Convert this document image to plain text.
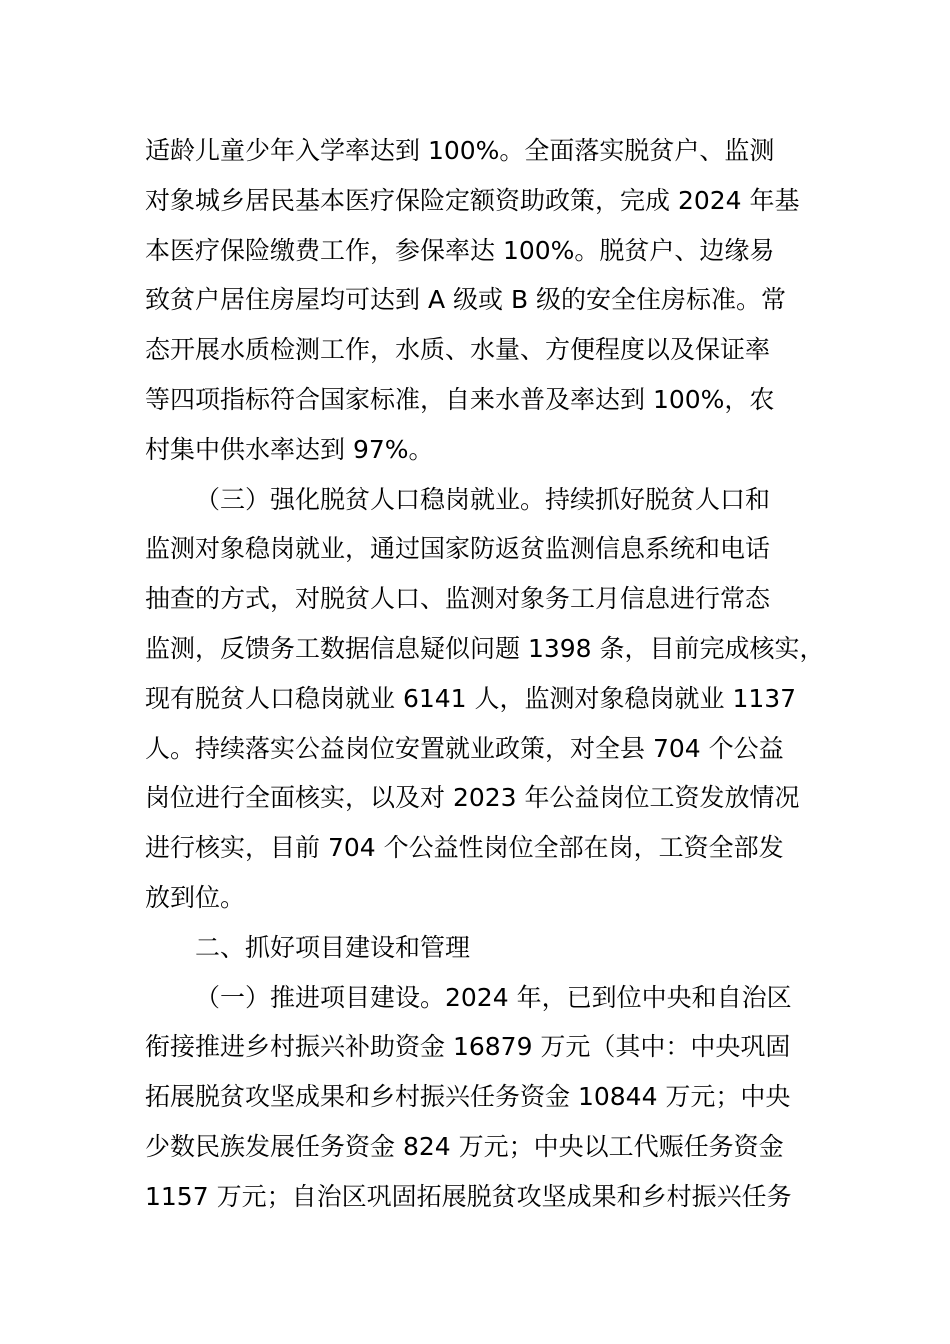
适龄儿童少年入学率达到 100%。全面落实脱贫户、监测
对象城乡居民基本医疗保险定额资助政策，完成 2024 年基
本医疗保险缴费工作，参保率达 100%。脱贫户、边缘易
致贫户居住房屋均可达到 A 级或 B 级的安全住房标准。常
态开展水质检测工作，水质、水量、方便程度以及保证率
等四项指标符合国家标准，自来水普及率达到 100%，农
村集中供水率达到 97%。
（三）强化脱贫人口稳岗就业。持续抓好脱贫人口和
监测对象稳岗就业，通过国家防返贫监测信息系统和电话
抽查的方式，对脱贫人口、监测对象务工月信息进行常态
监测，反馈务工数据信息疑似问题 1398 条，目前完成核实，
现有脱贫人口稳岗就业 6141 人，监测对象稳岗就业 1137
人。持续落实公益岗位安置就业政策，对全县 704 个公益
岗位进行全面核实，以及对 2023 年公益岗位工资发放情况
进行核实，目前 704 个公益性岗位全部在岗，工资全部发
放到位。
二、抓好项目建设和管理
（一）推进项目建设。2024 年，已到位中央和自治区
衔接推进乡村振兴补助资金 16879 万元（其中：中央巩固
拓展脱贫攻坚成果和乡村振兴任务资金 10844 万元；中央
少数民族发展任务资金 824 万元；中央以工代赈任务资金
1157 万元；自治区巩固拓展脱贫攻坚成果和乡村振兴任务
